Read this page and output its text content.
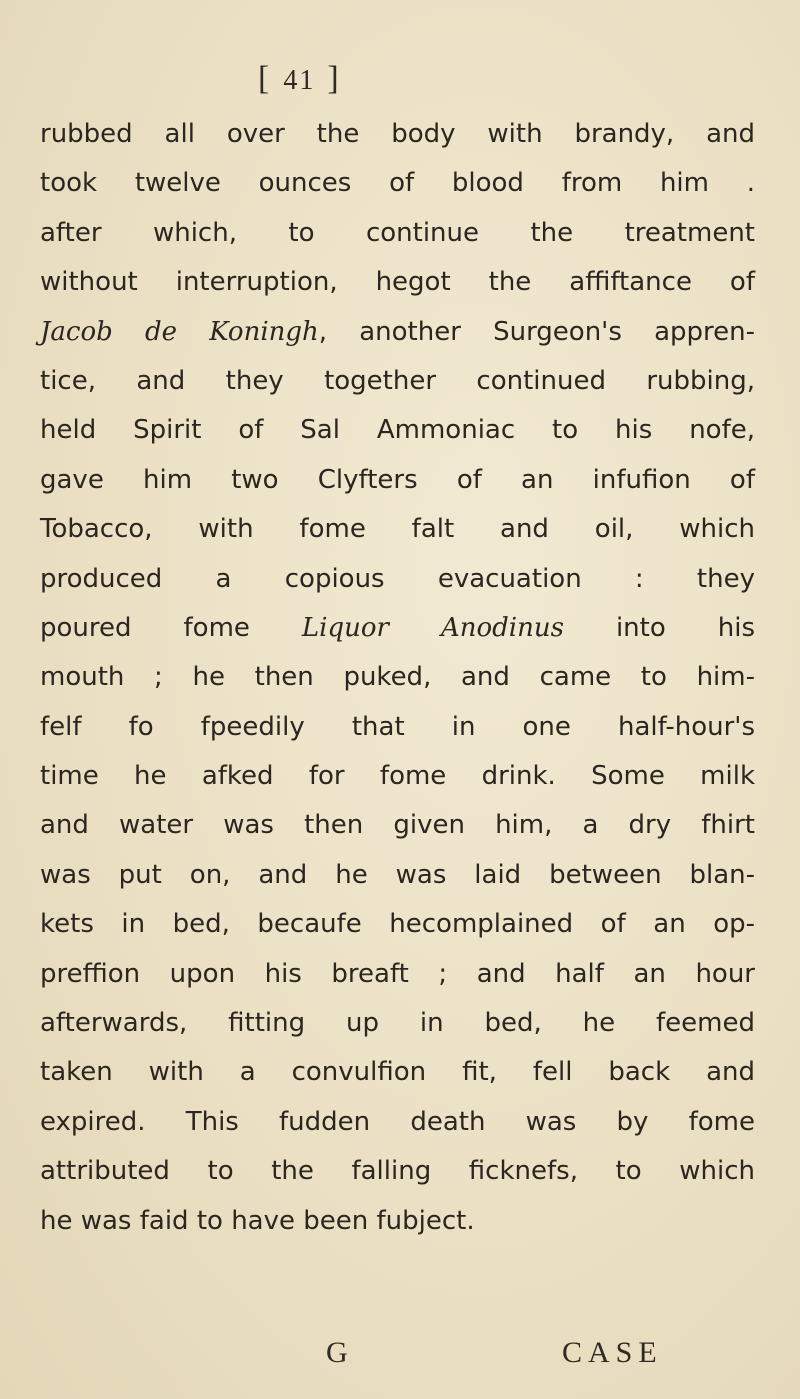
[ 41 ]
rubbed all over the body with brandy, and
took twelve ounces of blood from him .
after which, to continue the treatment
without interruption, hegot the affiftance of
Jacob de Koningh, another Surgeon's appren-
tice, and they together continued rubbing,
held Spirit of Sal Ammoniac to his nofe,
gave him two Clyfters of an infufion of
Tobacco, with fome falt and oil, which
produced a copious evacuation : they
poured fome Liquor Anodinus into his
mouth ; he then puked, and came to him-
felf fo fpeedily that in one half-hour's
time he afked for fome drink. Some milk
and water was then given him, a dry fhirt
was put on, and he was laid between blan-
kets in bed, becaufe hecomplained of an op-
preffion upon his breaft ; and half an hour
afterwards, fitting up in bed, he feemed
taken with a convulfion fit, fell back and
expired. This fudden death was by fome
attributed to the falling ficknefs, to which
he was faid to have been fubject.
G	CASE
